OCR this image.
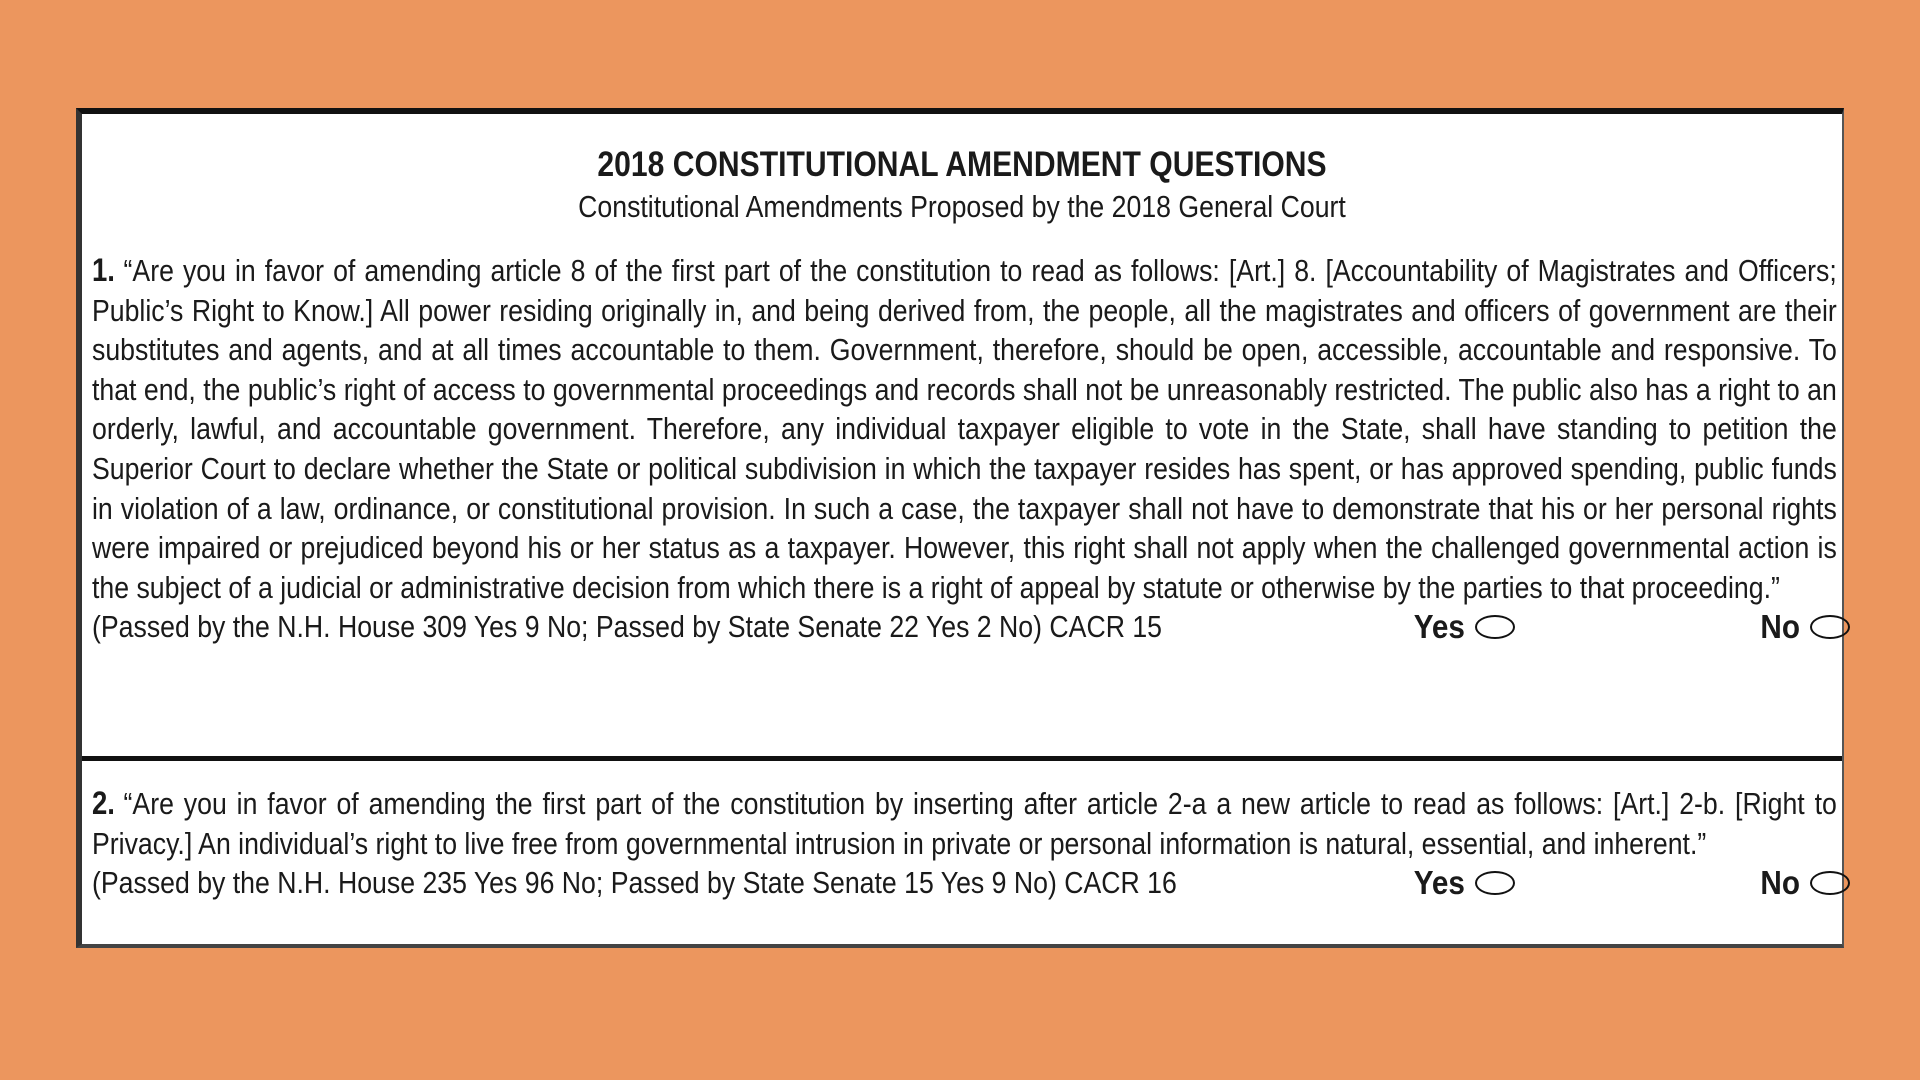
2018 CONSTITUTIONAL AMENDMENT QUESTIONS
Constitutional Amendments Proposed by the 2018 General Court
1. “Are you in favor of amending article 8 of the first part of the constitution to read as follows: [Art.] 8. [Accountability of Magistrates and Officers; Public’s Right to Know.] All power residing originally in, and being derived from, the people, all the magistrates and officers of government are their substitutes and agents, and at all times accountable to them. Government, therefore, should be open, accessible, accountable and responsive. To that end, the public’s right of access to governmental proceedings and records shall not be unreasonably restricted. The public also has a right to an orderly, lawful, and accountable government. Therefore, any individual taxpayer eligible to vote in the State, shall have standing to petition the Superior Court to declare whether the State or political subdivision in which the taxpayer resides has spent, or has approved spending, public funds in violation of a law, ordinance, or constitutional provision. In such a case, the taxpayer shall not have to demonstrate that his or her personal rights were impaired or prejudiced beyond his or her status as a taxpayer. However, this right shall not apply when the challenged governmental action is the subject of a judicial or administrative decision from which there is a right of appeal by statute or otherwise by the parties to that proceeding.”
(Passed by the N.H. House 309 Yes 9 No; Passed by State Senate 22 Yes 2 No) CACR 15	Yes	No
2. “Are you in favor of amending the first part of the constitution by inserting after article 2-a a new article to read as follows: [Art.] 2-b. [Right to Privacy.] An individual’s right to live free from governmental intrusion in private or personal information is natural, essential, and inherent.”
(Passed by the N.H. House 235 Yes 96 No; Passed by State Senate 15 Yes 9 No) CACR 16	Yes	No
